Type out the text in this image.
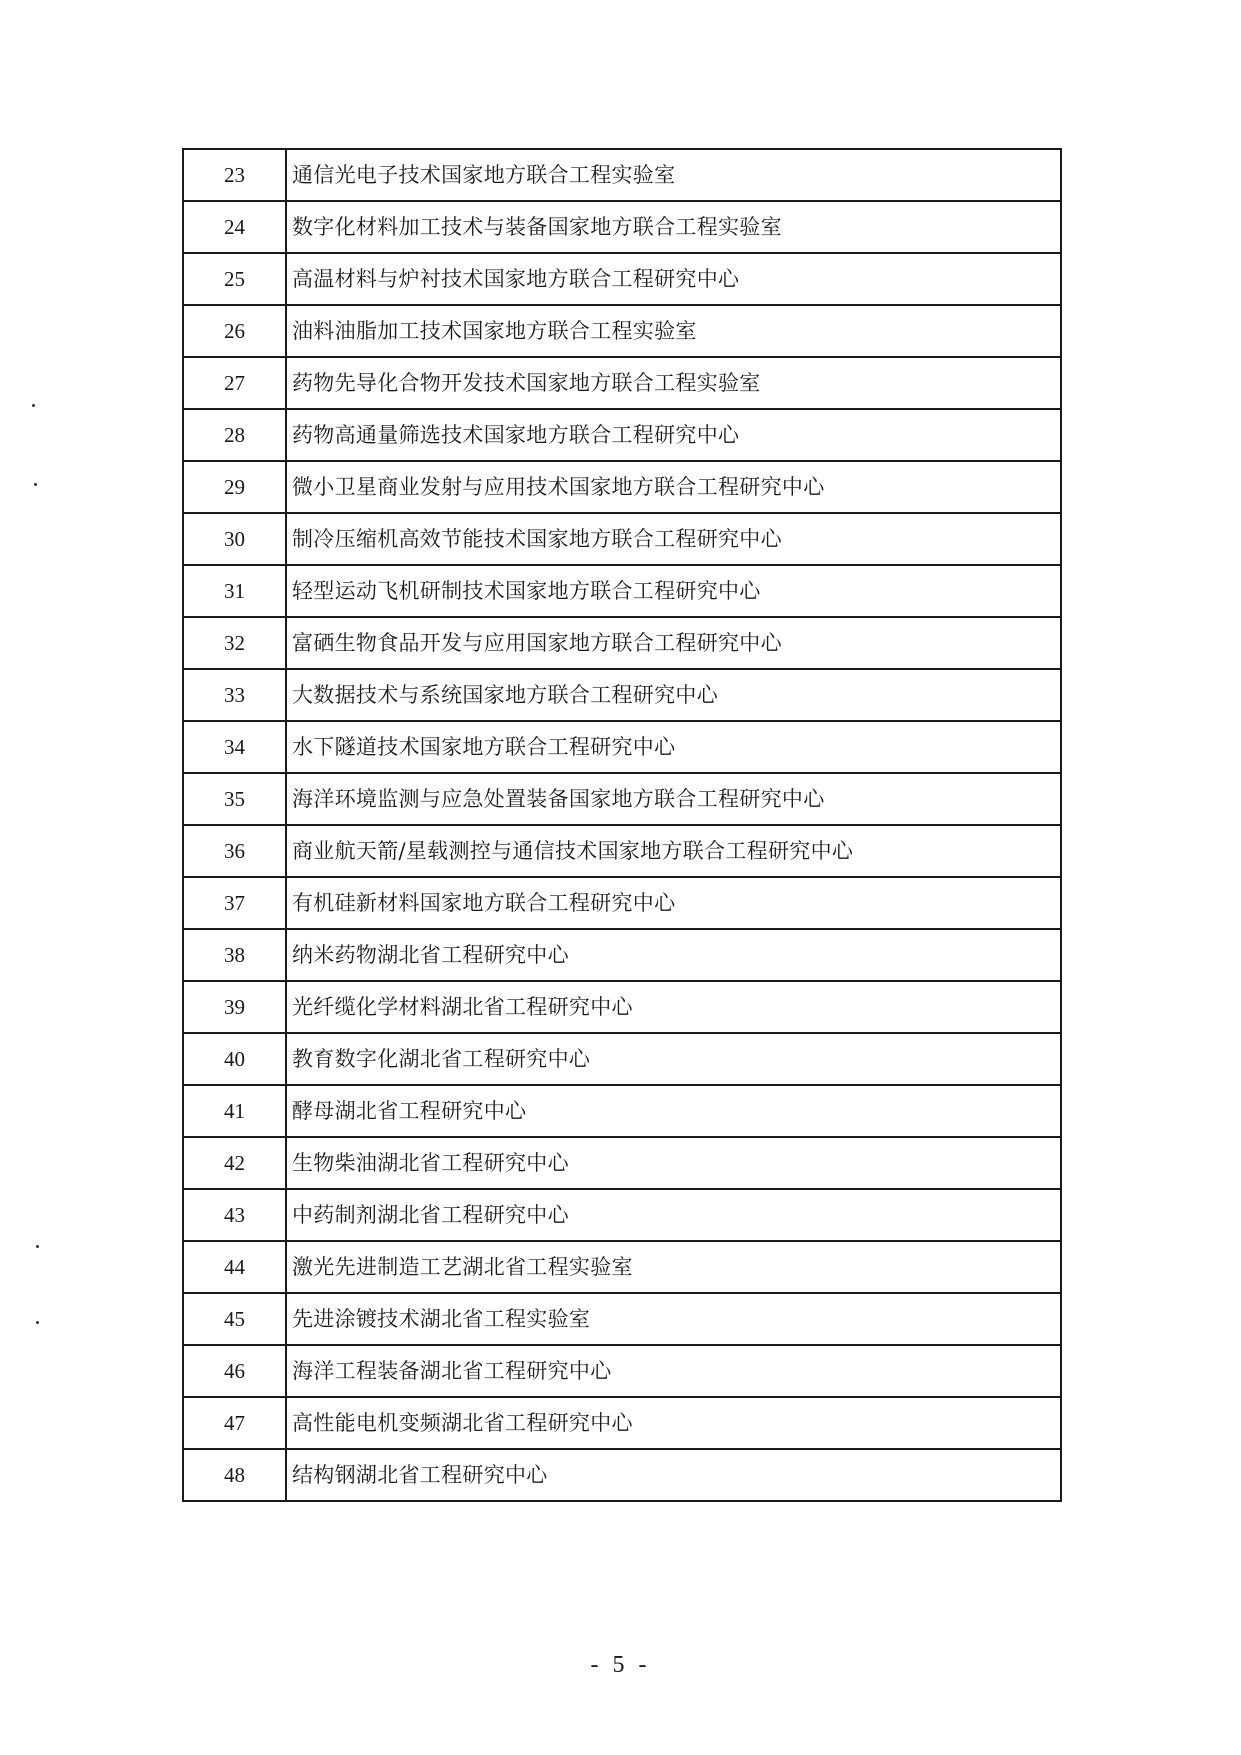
23	通信光电子技术国家地方联合工程实验室
24	数字化材料加工技术与装备国家地方联合工程实验室
25	高温材料与炉衬技术国家地方联合工程研究中心
26	油料油脂加工技术国家地方联合工程实验室
27	药物先导化合物开发技术国家地方联合工程实验室
28	药物高通量筛选技术国家地方联合工程研究中心
29	微小卫星商业发射与应用技术国家地方联合工程研究中心
30	制冷压缩机高效节能技术国家地方联合工程研究中心
31	轻型运动飞机研制技术国家地方联合工程研究中心
32	富硒生物食品开发与应用国家地方联合工程研究中心
33	大数据技术与系统国家地方联合工程研究中心
34	水下隧道技术国家地方联合工程研究中心
35	海洋环境监测与应急处置装备国家地方联合工程研究中心
36	商业航天箭/星载测控与通信技术国家地方联合工程研究中心
37	有机硅新材料国家地方联合工程研究中心
38	纳米药物湖北省工程研究中心
39	光纤缆化学材料湖北省工程研究中心
40	教育数字化湖北省工程研究中心
41	酵母湖北省工程研究中心
42	生物柴油湖北省工程研究中心
43	中药制剂湖北省工程研究中心
44	激光先进制造工艺湖北省工程实验室
45	先进涂镀技术湖北省工程实验室
46	海洋工程装备湖北省工程研究中心
47	高性能电机变频湖北省工程研究中心
48	结构钢湖北省工程研究中心
- 5 -
